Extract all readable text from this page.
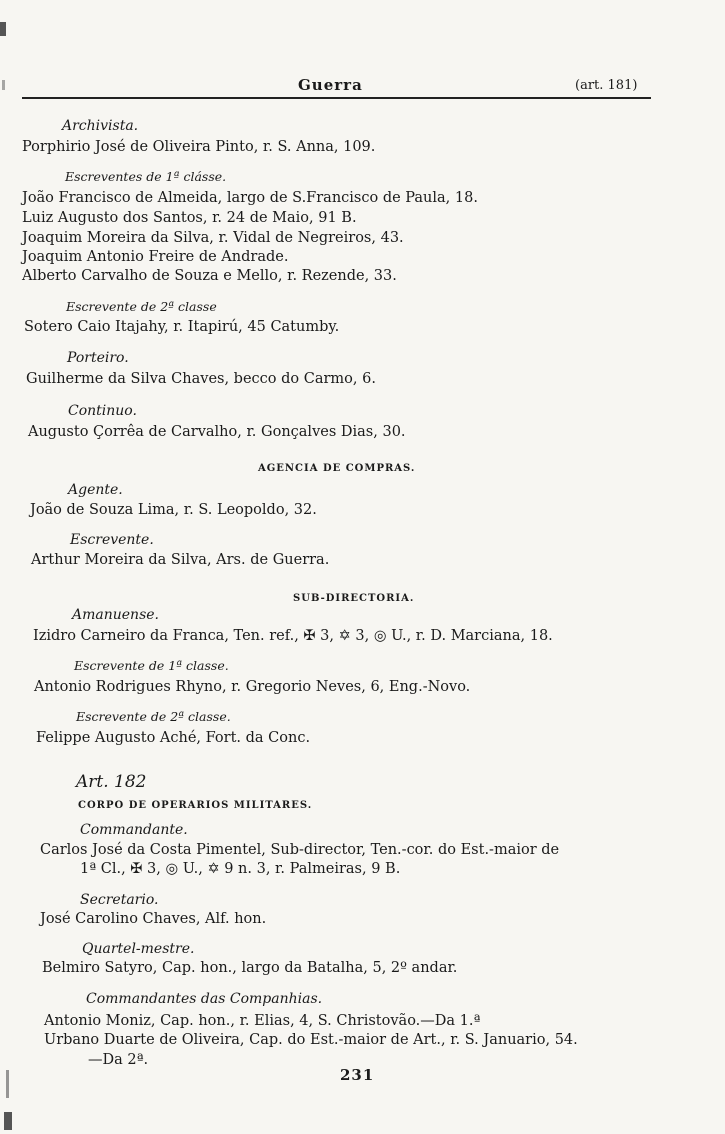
Guerra	(art. 181)
Archivista.
Porphirio José de Oliveira Pinto, r. S. Anna, 109.
Escreventes de 1ª clásse.
João Francisco de Almeida, largo de S.Francisco de Paula, 18.
Luiz Augusto dos Santos, r. 24 de Maio, 91 B.
Joaquim Moreira da Silva, r. Vidal de Negreiros, 43.
Joaquim Antonio Freire de Andrade.
Alberto Carvalho de Souza e Mello, r. Rezende, 33.
Escrevente de 2ª classe
Sotero Caio Itajahy, r. Itapirú, 45 Catumby.
Porteiro.
Guilherme da Silva Chaves, becco do Carmo, 6.
Continuo.
Augusto Çorrêa de Carvalho, r. Gonçalves Dias, 30.
AGENCIA DE COMPRAS.
Agente.
João de Souza Lima, r. S. Leopoldo, 32.
Escrevente.
Arthur Moreira da Silva, Ars. de Guerra.
SUB-DIRECTORIA.
Amanuense.
Izidro Carneiro da Franca, Ten. ref., ✠ 3, ✡ 3, ◎ U., r. D. Marciana, 18.
Escrevente de 1ª classe.
Antonio Rodrigues Rhyno, r. Gregorio Neves, 6, Eng.-Novo.
Escrevente de 2ª classe.
Felippe Augusto Aché, Fort. da Conc.
Art. 182
CORPO DE OPERARIOS MILITARES.
Commandante.
Carlos José da Costa Pimentel, Sub-director, Ten.-cor. do Est.-maior de
1ª Cl., ✠ 3, ◎ U., ✡ 9 n. 3, r. Palmeiras, 9 B.
Secretario.
José Carolino Chaves, Alf. hon.
Quartel-mestre.
Belmiro Satyro, Cap. hon., largo da Batalha, 5, 2º andar.
Commandantes das Companhias.
Antonio Moniz, Cap. hon., r. Elias, 4, S. Christovão.—Da 1.ª
Urbano Duarte de Oliveira, Cap. do Est.-maior de Art., r. S. Januario, 54.
—Da 2ª.
231
